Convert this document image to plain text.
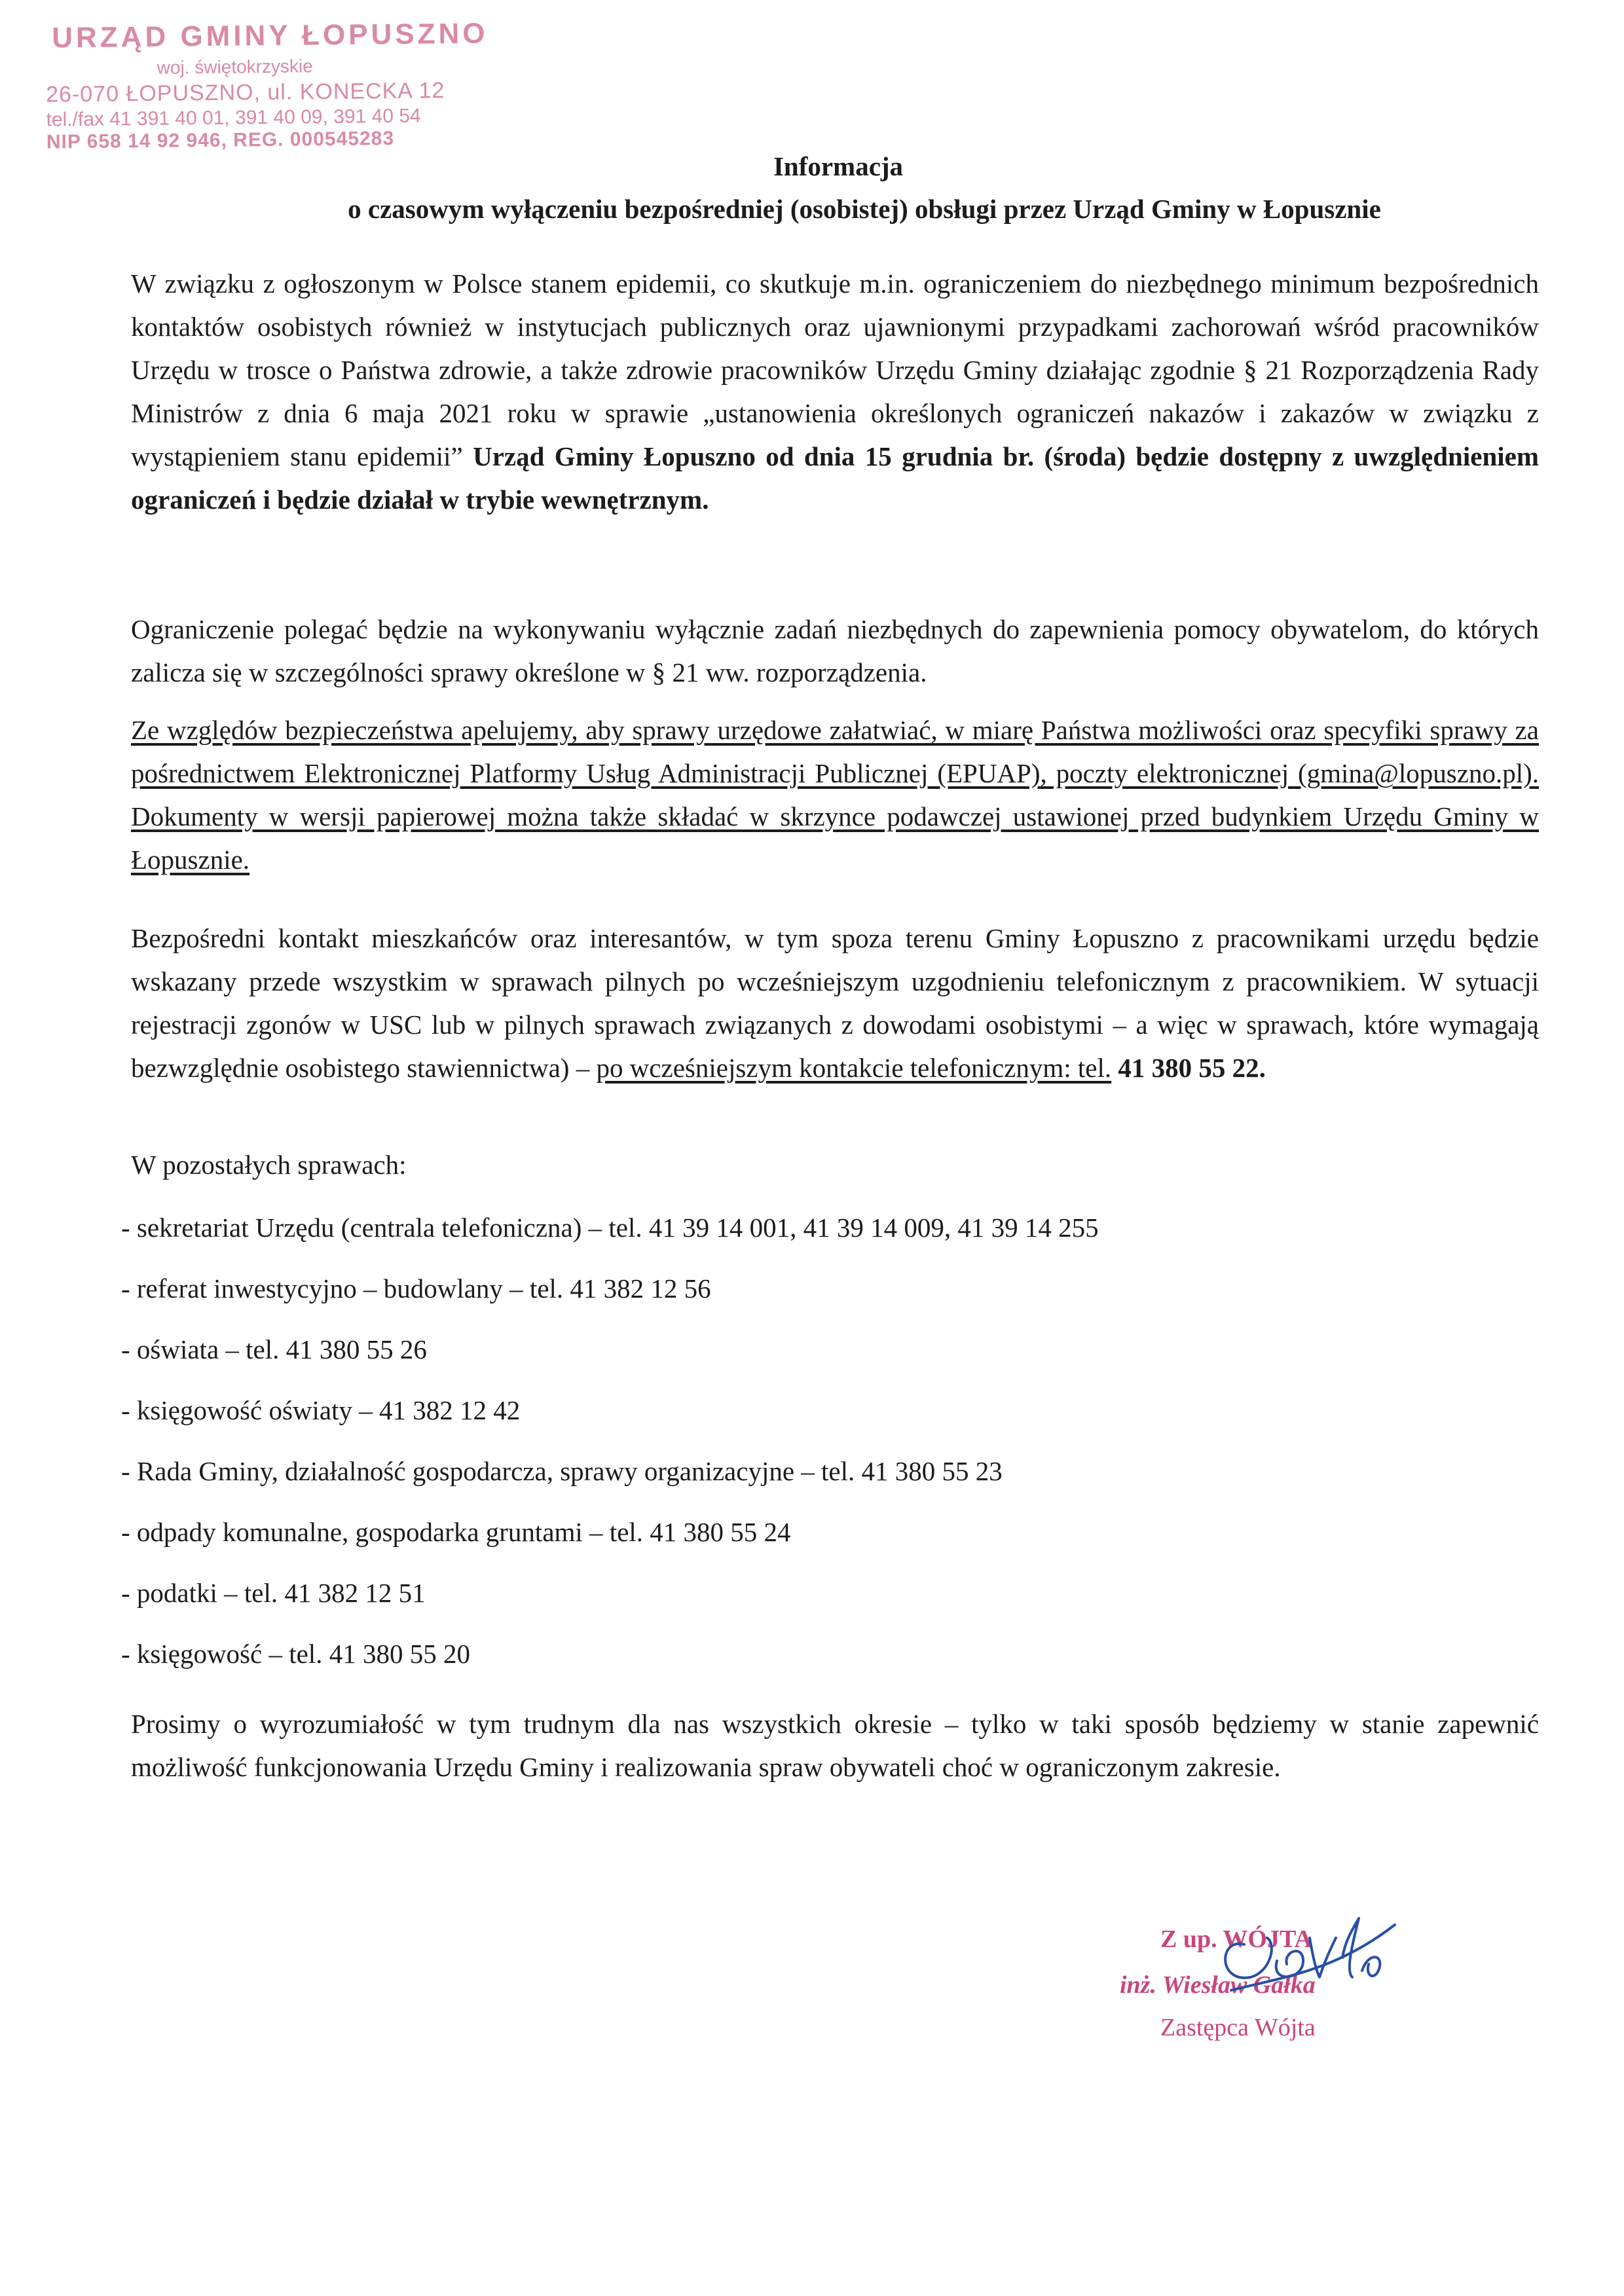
URZĄD GMINY ŁOPUSZNO
woj. świętokrzyskie
26-070 ŁOPUSZNO, ul. KONECKA 12
tel./fax 41 391 40 01, 391 40 09, 391 40 54
NIP 658 14 92 946, REG. 000545283
Informacja
o czasowym wyłączeniu bezpośredniej (osobistej) obsługi przez Urząd Gminy w Łopusznie
W związku z ogłoszonym w Polsce stanem epidemii, co skutkuje m.in. ograniczeniem do niezbędnego minimum bezpośrednich kontaktów osobistych również w instytucjach publicznych oraz ujawnionymi przypadkami zachorowań wśród pracowników Urzędu w trosce o Państwa zdrowie, a także zdrowie pracowników Urzędu Gminy działając zgodnie § 21 Rozporządzenia Rady Ministrów z dnia 6 maja 2021 roku w sprawie „ustanowienia określonych ograniczeń nakazów i zakazów w związku z wystąpieniem stanu epidemii” Urząd Gminy Łopuszno od dnia 15 grudnia br. (środa) będzie dostępny z uwzględnieniem ograniczeń i będzie działał w trybie wewnętrznym.
Ograniczenie polegać będzie na wykonywaniu wyłącznie zadań niezbędnych do zapewnienia pomocy obywatelom, do których zalicza się w szczególności sprawy określone w § 21 ww. rozporządzenia.
Ze względów bezpieczeństwa apelujemy, aby sprawy urzędowe załatwiać, w miarę Państwa możliwości oraz specyfiki sprawy za pośrednictwem Elektronicznej Platformy Usług Administracji Publicznej (EPUAP), poczty elektronicznej (gmina@lopuszno.pl). Dokumenty w wersji papierowej można także składać w skrzynce podawczej ustawionej przed budynkiem Urzędu Gminy w Łopusznie.
Bezpośredni kontakt mieszkańców oraz interesantów, w tym spoza terenu Gminy Łopuszno z pracownikami urzędu będzie wskazany przede wszystkim w sprawach pilnych po wcześniejszym uzgodnieniu telefonicznym z pracownikiem. W sytuacji rejestracji zgonów w USC lub w pilnych sprawach związanych z dowodami osobistymi – a więc w sprawach, które wymagają bezwzględnie osobistego stawiennictwa) – po wcześniejszym kontakcie telefonicznym: tel. 41 380 55 22.
W pozostałych sprawach:
- sekretariat Urzędu (centrala telefoniczna) – tel. 41 39 14 001, 41 39 14 009, 41 39 14 255
- referat inwestycyjno – budowlany – tel. 41 382 12 56
- oświata – tel. 41 380 55 26
- księgowość oświaty – 41 382 12 42
- Rada Gminy, działalność gospodarcza, sprawy organizacyjne – tel. 41 380 55 23
- odpady komunalne, gospodarka gruntami – tel. 41 380 55 24
- podatki – tel. 41 382 12 51
- księgowość – tel. 41 380 55 20
Prosimy o wyrozumiałość w tym trudnym dla nas wszystkich okresie – tylko w taki sposób będziemy w stanie zapewnić możliwość funkcjonowania Urzędu Gminy i realizowania spraw obywateli choć w ograniczonym zakresie.
Z up. WÓJTA
inż. Wiesław Gałka
Zastępca Wójta
